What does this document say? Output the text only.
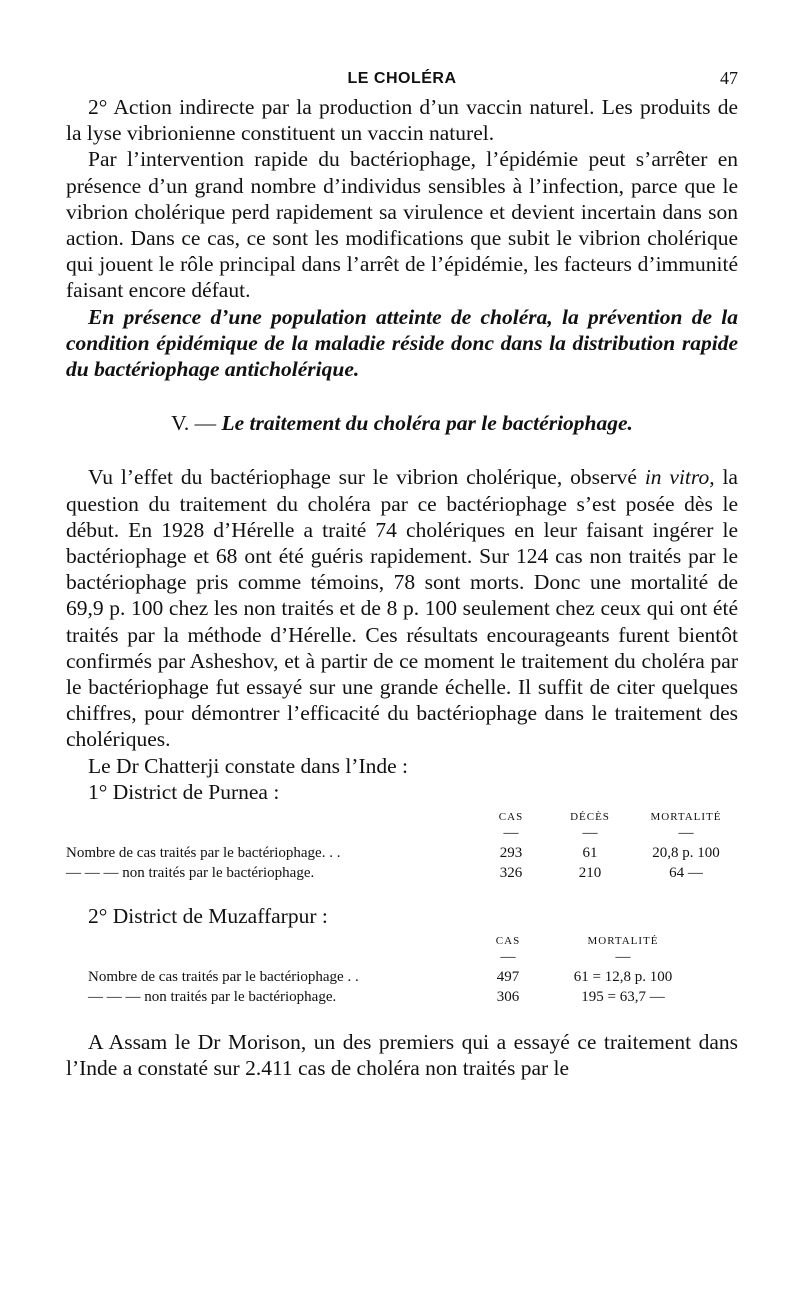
LE CHOLÉRA	47

2° Action indirecte par la production d’un vaccin naturel. Les produits de la lyse vibrionienne constituent un vaccin naturel.

Par l’intervention rapide du bactériophage, l’épidémie peut s’arrêter en présence d’un grand nombre d’individus sensibles à l’infection, parce que le vibrion cholérique perd rapidement sa virulence et devient incertain dans son action. Dans ce cas, ce sont les modifications que subit le vibrion cholérique qui jouent le rôle principal dans l’arrêt de l’épidémie, les facteurs d’immunité faisant encore défaut.

En présence d’une population atteinte de choléra, la prévention de la condition épidémique de la maladie réside donc dans la distribution rapide du bactériophage anticholérique.

V. — Le traitement du choléra par le bactériophage.

Vu l’effet du bactériophage sur le vibrion cholérique, observé in vitro, la question du traitement du choléra par ce bactériophage s’est posée dès le début. En 1928 d’Hérelle a traité 74 cholériques en leur faisant ingérer le bactériophage et 68 ont été guéris rapidement. Sur 124 cas non traités par le bactériophage pris comme témoins, 78 sont morts. Donc une mortalité de 69,9 p. 100 chez les non traités et de 8 p. 100 seulement chez ceux qui ont été traités par la méthode d’Hérelle. Ces résultats encourageants furent bientôt confirmés par Asheshov, et à partir de ce moment le traitement du choléra par le bactériophage fut essayé sur une grande échelle. Il suffit de citer quelques chiffres, pour démontrer l’efficacité du bactériophage dans le traitement des cholériques.

Le Dr Chatterji constate dans l’Inde :

1° District de Purnea :

	CAS	DÉCÈS	MORTALITÉ
	—	—	—
Nombre de cas traités par le bactériophage. . .	293	61	20,8 p. 100
— — — non traités par le bactériophage.	326	210	64 —

2° District de Muzaffarpur :

	CAS	MORTALITÉ
	—	—
Nombre de cas traités par le bactériophage . .	497	61 = 12,8 p. 100
— — — non traités par le bactériophage.	306	195 = 63,7 —

A Assam le Dr Morison, un des premiers qui a essayé ce traitement dans l’Inde a constaté sur 2.411 cas de choléra non traités par le
